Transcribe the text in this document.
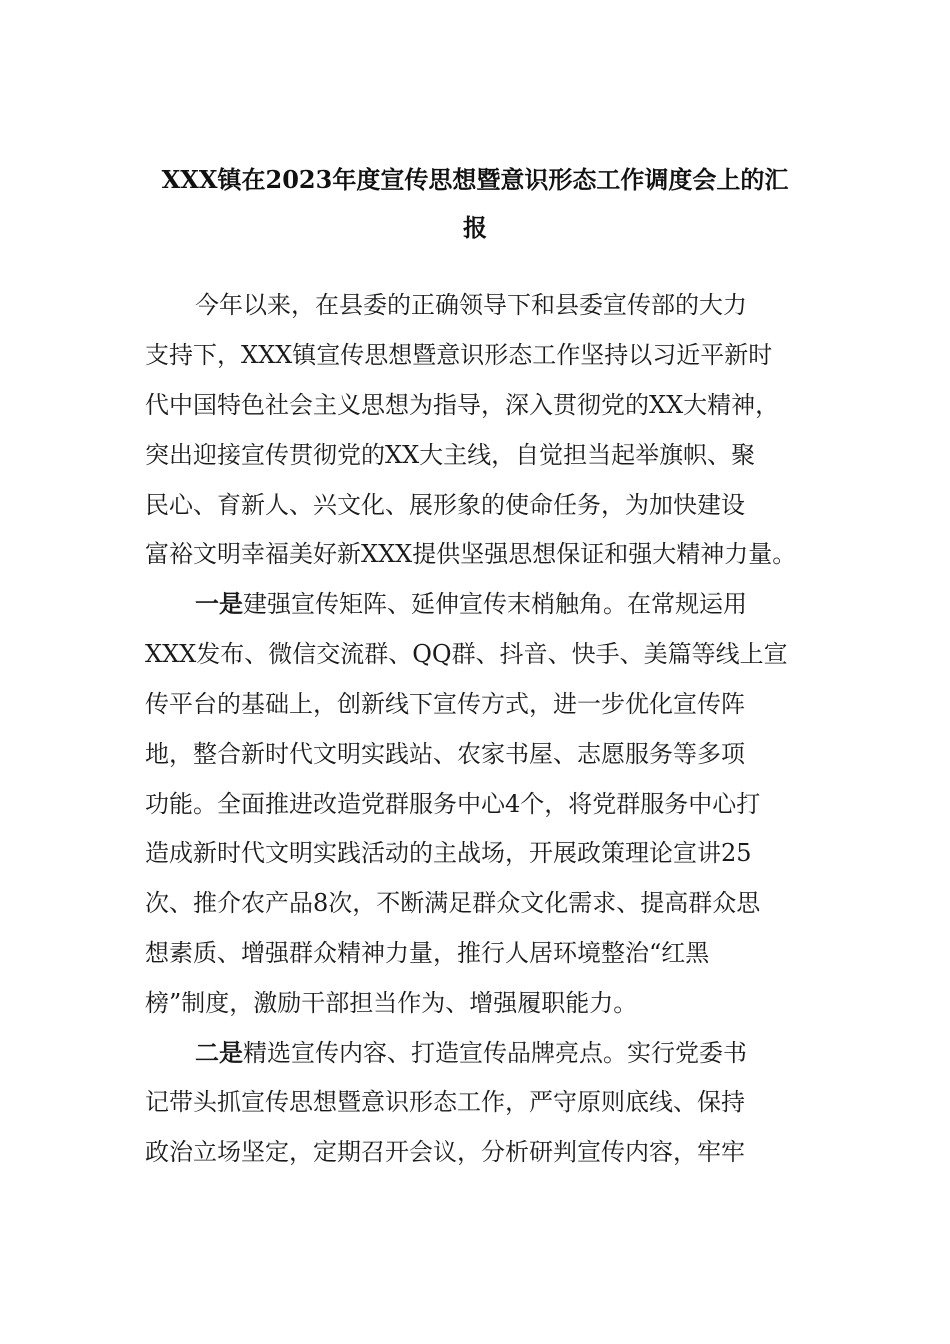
XXX镇在2023年度宣传思想暨意识形态工作调度会上的汇
报
今年以来，在县委的正确领导下和县委宣传部的大力
支持下，XXX镇宣传思想暨意识形态工作坚持以习近平新时
代中国特色社会主义思想为指导，深入贯彻党的XX大精神，
突出迎接宣传贯彻党的XX大主线，自觉担当起举旗帜、聚
民心、育新人、兴文化、展形象的使命任务，为加快建设
富裕文明幸福美好新XXX提供坚强思想保证和强大精神力量。
一是建强宣传矩阵、延伸宣传末梢触角。在常规运用
XXX发布、微信交流群、QQ群、抖音、快手、美篇等线上宣
传平台的基础上，创新线下宣传方式，进一步优化宣传阵
地，整合新时代文明实践站、农家书屋、志愿服务等多项
功能。全面推进改造党群服务中心4个，将党群服务中心打
造成新时代文明实践活动的主战场，开展政策理论宣讲25
次、推介农产品8次，不断满足群众文化需求、提高群众思
想素质、增强群众精神力量，推行人居环境整治“红黑
榜”制度，激励干部担当作为、增强履职能力。
二是精选宣传内容、打造宣传品牌亮点。实行党委书
记带头抓宣传思想暨意识形态工作，严守原则底线、保持
政治立场坚定，定期召开会议，分析研判宣传内容，牢牢
